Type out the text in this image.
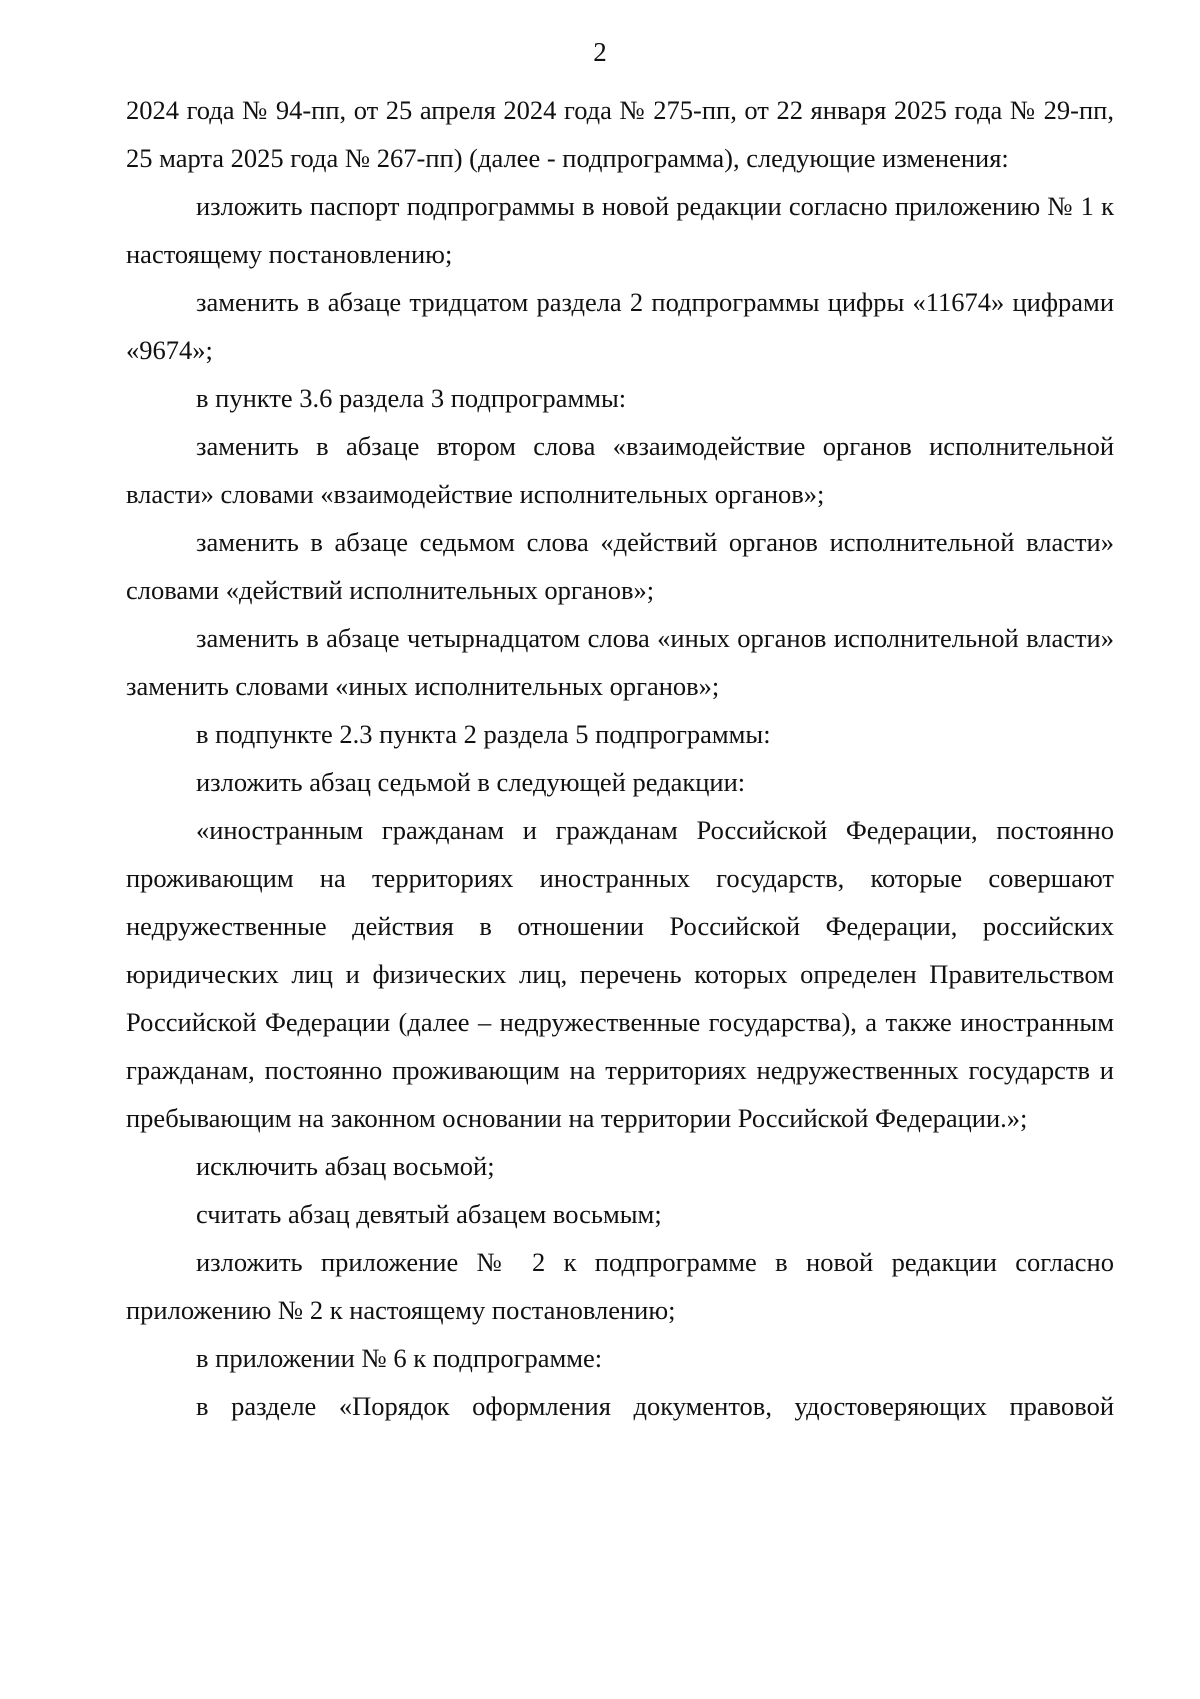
2

2024 года № 94-пп, от 25 апреля 2024 года № 275-пп, от 22 января 2025 года № 29-пп, 25 марта 2025 года № 267-пп) (далее - подпрограмма), следующие изменения:

изложить паспорт подпрограммы в новой редакции согласно приложению № 1 к настоящему постановлению;

заменить в абзаце тридцатом раздела 2 подпрограммы цифры «11674» цифрами «9674»;

в пункте 3.6 раздела 3 подпрограммы:

заменить в абзаце втором слова «взаимодействие органов исполнительной власти» словами «взаимодействие исполнительных органов»;

заменить в абзаце седьмом слова «действий органов исполнительной власти» словами «действий исполнительных органов»;

заменить в абзаце четырнадцатом слова «иных органов исполнительной власти» заменить словами «иных исполнительных органов»;

в подпункте 2.3 пункта 2 раздела 5 подпрограммы:

изложить абзац седьмой в следующей редакции:

«иностранным гражданам и гражданам Российской Федерации, постоянно проживающим на территориях иностранных государств, которые совершают недружественные действия в отношении Российской Федерации, российских юридических лиц и физических лиц, перечень которых определен Правительством Российской Федерации (далее – недружественные государства), а также иностранным гражданам, постоянно проживающим на территориях недружественных государств и пребывающим на законном основании на территории Российской Федерации.»;

исключить абзац восьмой;

считать абзац девятый абзацем восьмым;

изложить приложение № 2 к подпрограмме в новой редакции согласно приложению № 2 к настоящему постановлению;

в приложении № 6 к подпрограмме:

в разделе «Порядок оформления документов, удостоверяющих правовой
